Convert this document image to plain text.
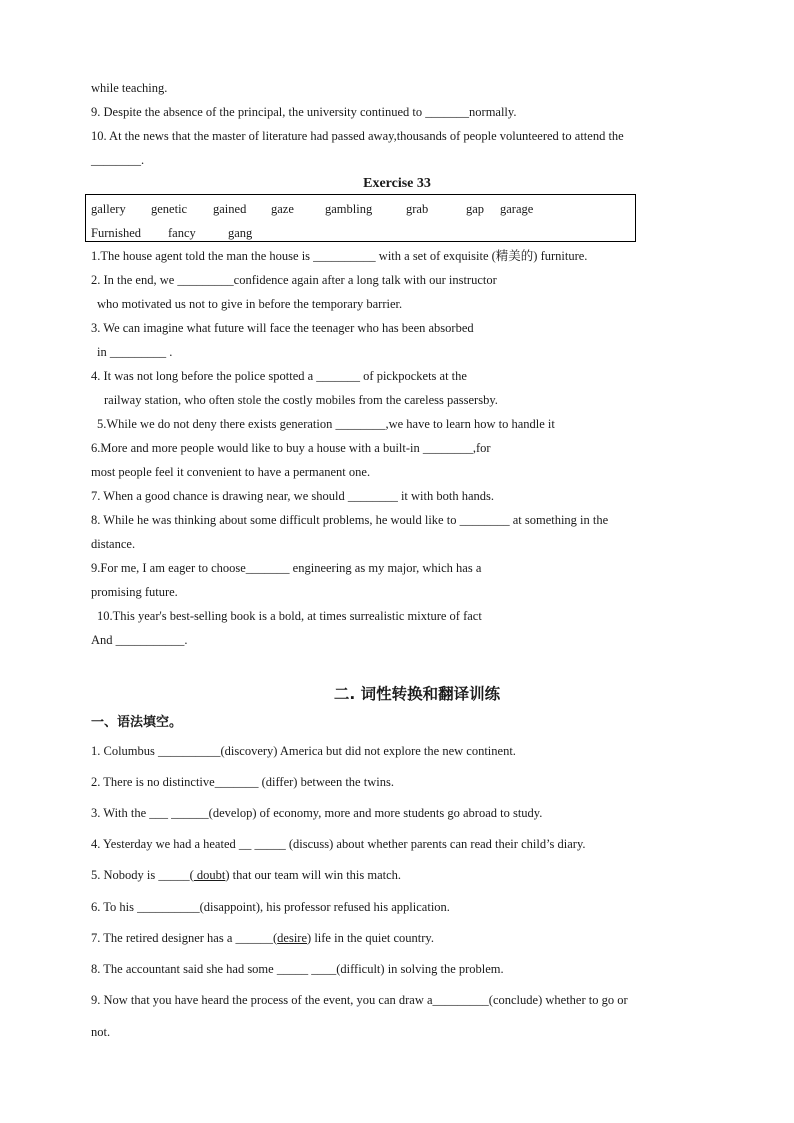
while teaching.
9. Despite the absence of the principal, the university continued to _______normally.
10. At the news that the master of literature had passed away,thousands of people volunteered to attend the
________.
Exercise 33
gallery genetic gained gaze gambling	grab	gap garage
Furnished fancy	gang
1.The house agent told the man the house is __________ with a set of exquisite (精美的) furniture.
2. In the end, we _________confidence again after a long talk with our instructor
who motivated us not to give in before the temporary barrier.
3. We can imagine what future will face the teenager who has been absorbed
in _________ .
4. It was not long before the police spotted a _______ of pickpockets at the
railway station, who often stole the costly mobiles from the careless passersby.
5.While we do not deny there exists generation ________,we have to learn how to handle it
6.More and more people would like to buy a house with a built-in ________,for
most people feel it convenient to have a permanent one.
7. When a good chance is drawing near, we should ________ it with both hands.
8. While he was thinking about some difficult problems, he would like to ________ at something in the
distance.
9.For me, I am eager to choose_______ engineering as my major, which has a
promising future.
10.This year's best-selling book is a bold, at times surrealistic mixture of fact
And ___________.
二. 词性转换和翻译训练
一、语法填空。
1. Columbus __________(discovery) America but did not explore the new continent.
2. There is no distinctive_______ (differ) between the twins.
3. With the ___ ______(develop) of economy, more and more students go abroad to study.
4. Yesterday we had a heated __ _____ (discuss) about whether parents can read their child’s diary.
5. Nobody is _____( doubt) that our team will win this match.
6. To his __________(disappoint), his professor refused his application.
7. The retired designer has a ______(desire) life in the quiet country.
8. The accountant said she had some _____ ____(difficult) in solving the problem.
9. Now that you have heard the process of the event, you can draw a_________(conclude) whether to go or
not.
